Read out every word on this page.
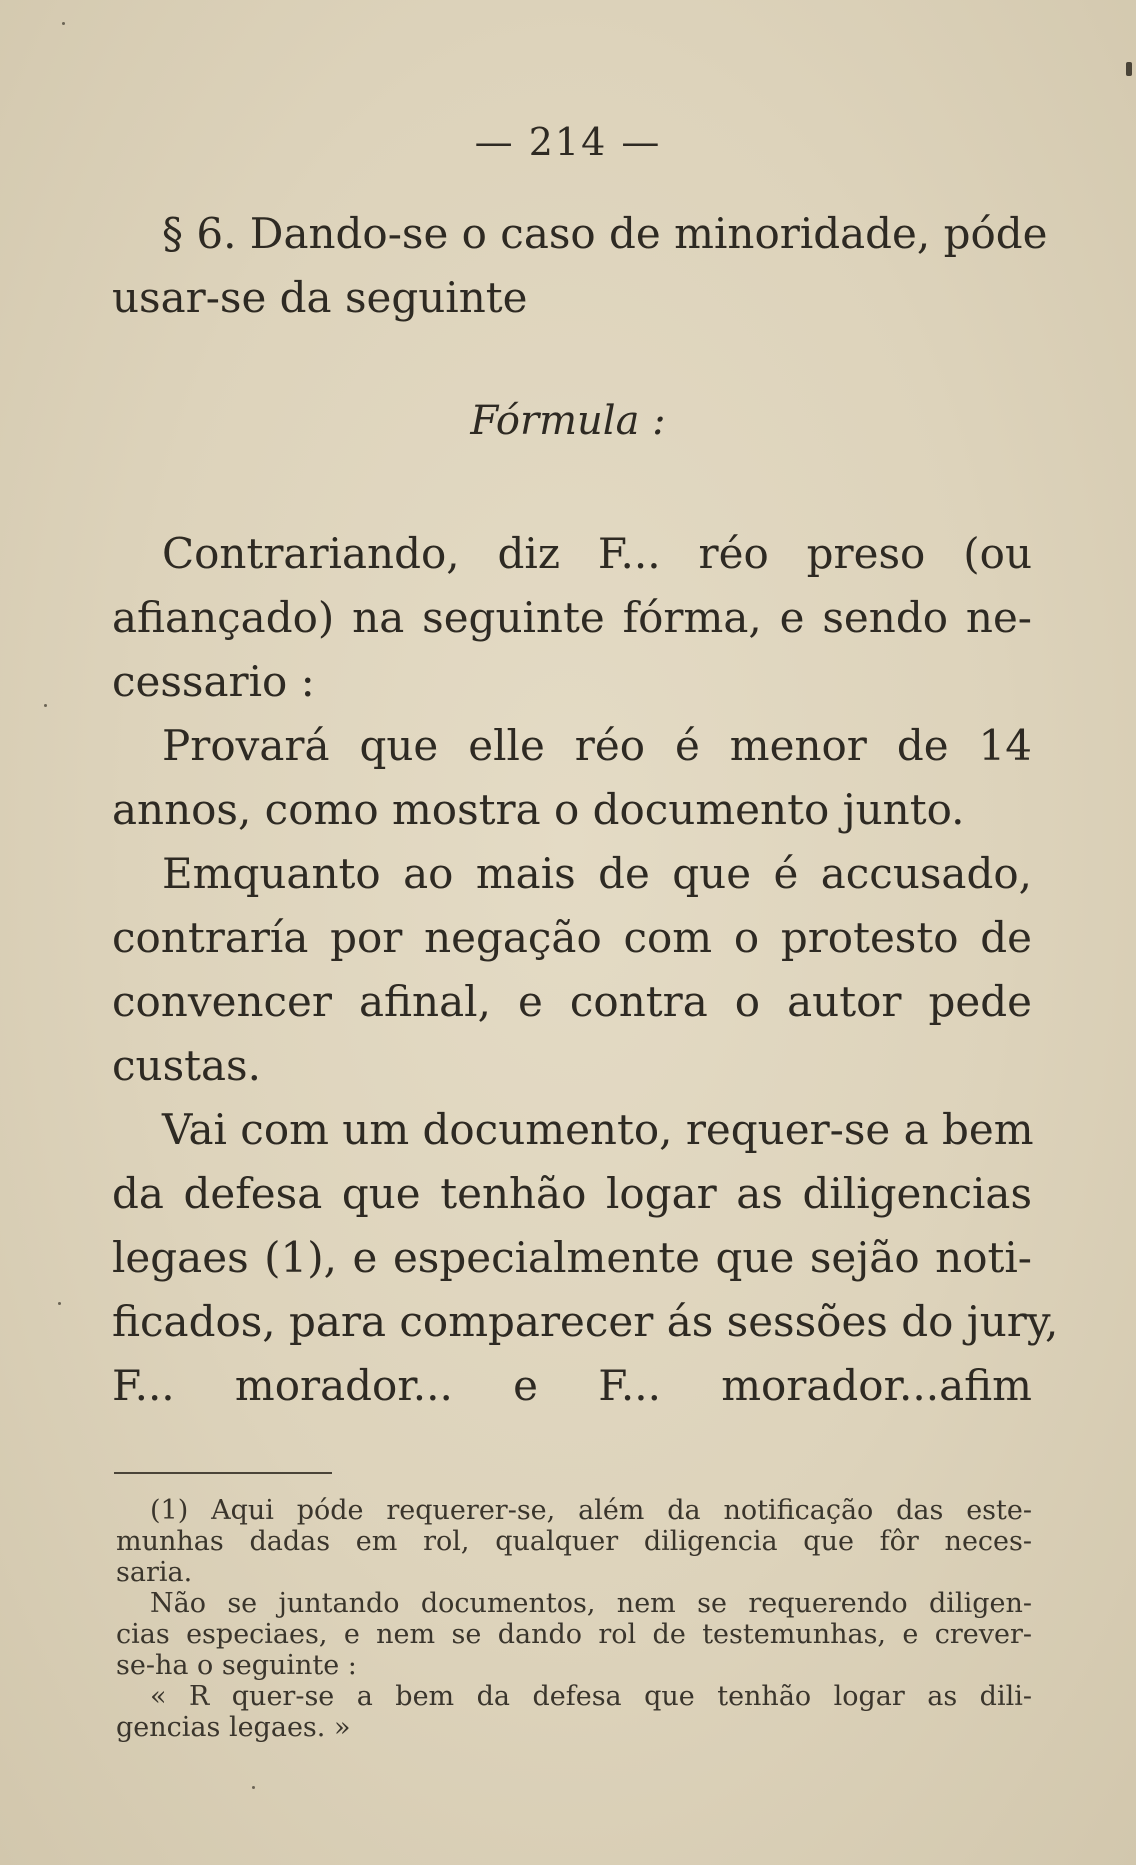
— 214 —
§ 6. Dando-se o caso de minoridade, póde
usar-se da seguinte
Fórmula :
Contrariando, diz F... réo preso (ou
afiançado) na seguinte fórma, e sendo ne-
cessario :
Provará que elle réo é menor de 14
annos, como mostra o documento junto.
Emquanto ao mais de que é accusado,
contraría por negação com o protesto de
convencer afinal, e contra o autor pede
custas.
Vai com um documento, requer-se a bem
da defesa que tenhão logar as diligencias
legaes (1), e especialmente que sejão noti-
ficados, para comparecer ás sessões do jury,
F... morador... e F... morador...afim
(1) Aqui póde requerer-se, além da notificação das este-
munhas dadas em rol, qualquer diligencia que fôr neces-
saria.
Não se juntando documentos, nem se requerendo diligen-
cias especiaes, e nem se dando rol de testemunhas, e crever-
se-ha o seguinte :
« R quer-se a bem da defesa que tenhão logar as dili-
gencias legaes. »
